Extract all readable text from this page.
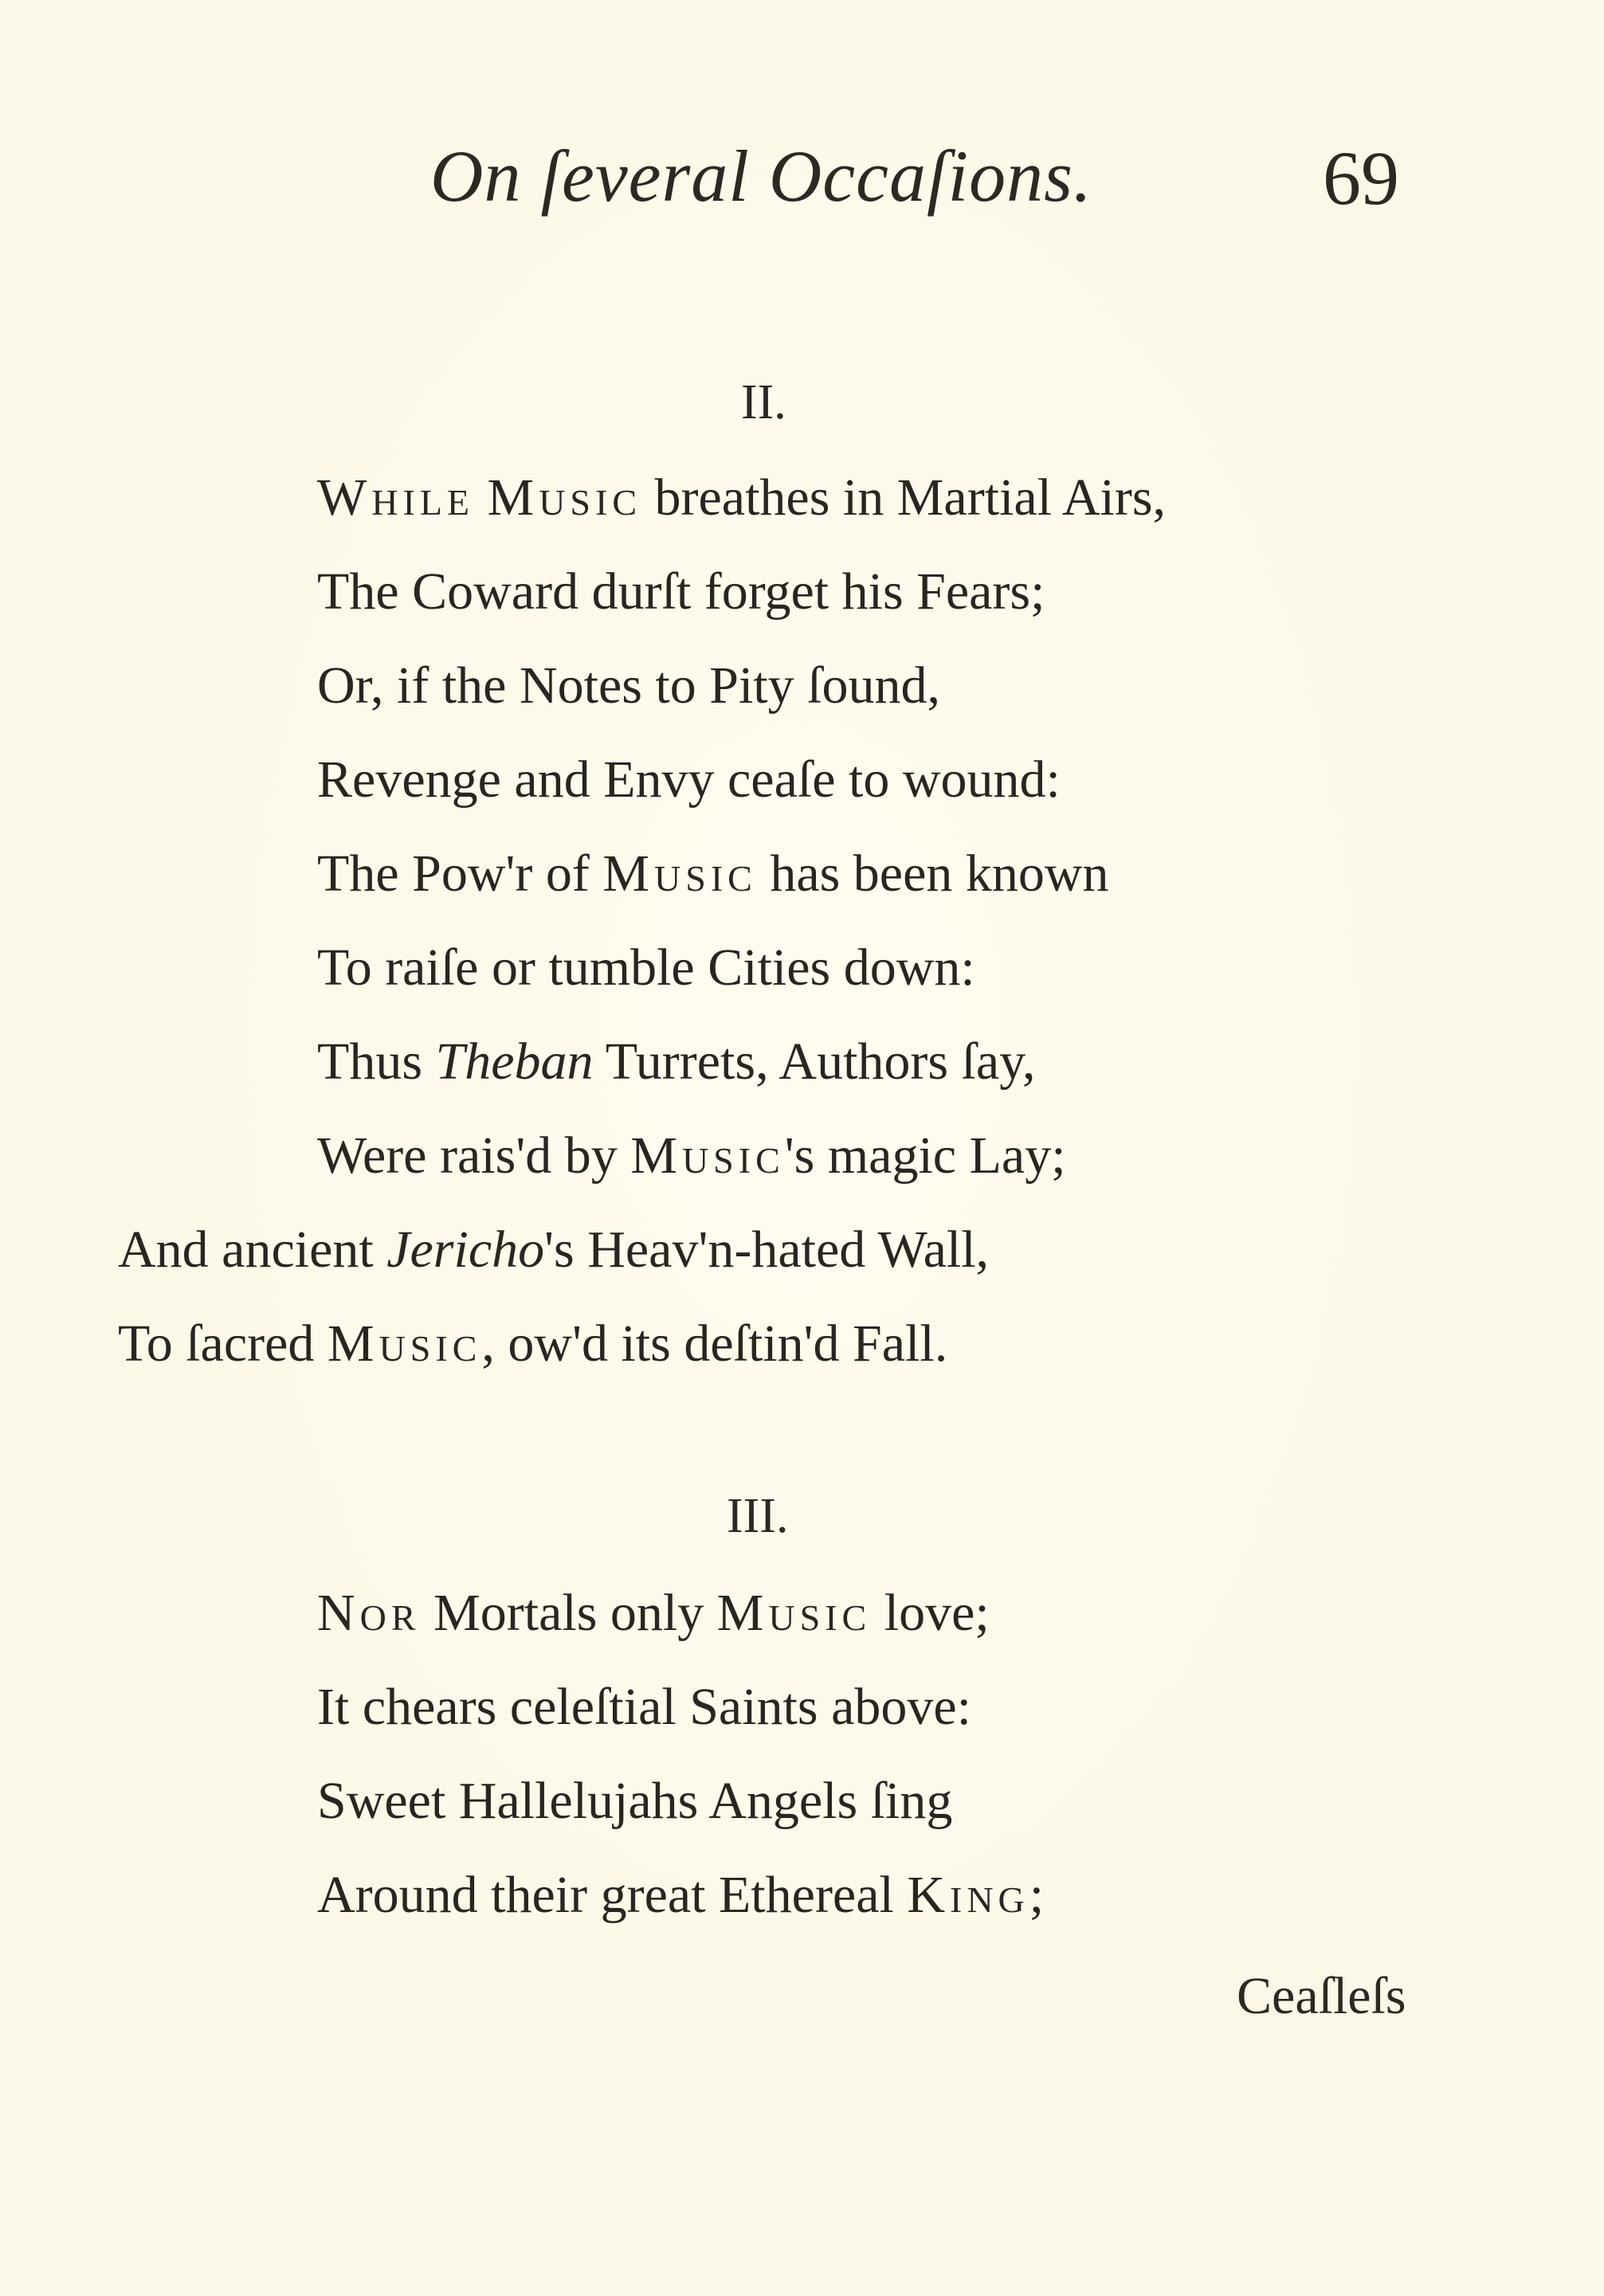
On ſeveral Occaſions.	69
II.
While Music breathes in Martial Airs,
The Coward durſt forget his Fears;
Or, if the Notes to Pity ſound,
Revenge and Envy ceaſe to wound:
The Pow'r of Music has been known
To raiſe or tumble Cities down:
Thus Theban Turrets, Authors ſay,
Were rais'd by Music's magic Lay;
And ancient Jericho's Heav'n-hated Wall,
To ſacred Music, ow'd its deſtin'd Fall.
III.
Nor Mortals only Music love;
It chears celeſtial Saints above:
Sweet Hallelujahs Angels ſing
Around their great Ethereal King;
Ceaſleſs
